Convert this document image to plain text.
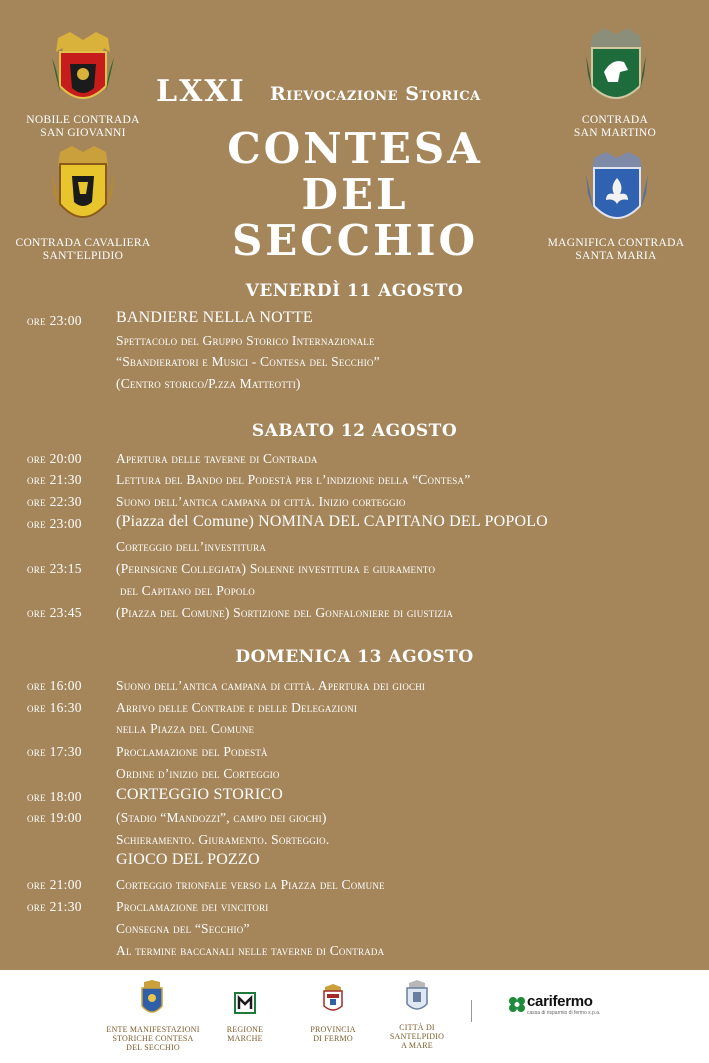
LXXI Rievocazione Storica
CONTESA
DEL SECCHIO
NOBILE CONTRADA
SAN GIOVANNI
CONTRADA CAVALIERA
SANT'ELPIDIO
CONTRADA
SAN MARTINO
MAGNIFICA CONTRADA
SANTA MARIA
VENERDÌ 11 AGOSTO
ore 23:00 BANDIERE NELLA NOTTE
Spettacolo del Gruppo Storico Internazionale
“Sbandieratori e Musici - Contesa del Secchio”
(Centro storico/P.zza Matteotti)
SABATO 12 AGOSTO
ore 20:00	Apertura delle taverne di Contrada
ore 21:30	Lettura del Bando del Podestà per l’indizione della “Contesa”
ore 22:30	Suono dell’antica campana di città. Inizio corteggio
ore 23:00 (Piazza del Comune) NOMINA DEL CAPITANO DEL POPOLO
Corteggio dell’investitura
ore 23:15	(Perinsigne Collegiata) Solenne investitura e giuramento
del Capitano del Popolo
ore 23:45	(Piazza del Comune) Sortizione del Gonfaloniere di giustizia
DOMENICA 13 AGOSTO
ore 16:00	Suono dell’antica campana di città. Apertura dei giochi
ore 16:30	Arrivo delle Contrade e delle Delegazioni
nella Piazza del Comune
ore 17:30	Proclamazione del Podestà
Ordine d’inizio del Corteggio
ore 18:00 CORTEGGIO STORICO
ore 19:00	(Stadio “Mandozzi”, campo dei giochi)
Schieramento. Giuramento. Sorteggio.
GIOCO DEL POZZO
ore 21:00	Corteggio trionfale verso la Piazza del Comune
ore 21:30	Proclamazione dei vincitori
Consegna del “Secchio”
Al termine baccanali nelle taverne di Contrada
ENTE MANIFESTAZIONI
STORICHE CONTESA
DEL SECCHIO
REGIONE
MARCHE
PROVINCIA
DI FERMO
CITTÀ DI
SANTELPIDIO
A MARE
carifermo
cassa di risparmio di fermo s.p.a.
